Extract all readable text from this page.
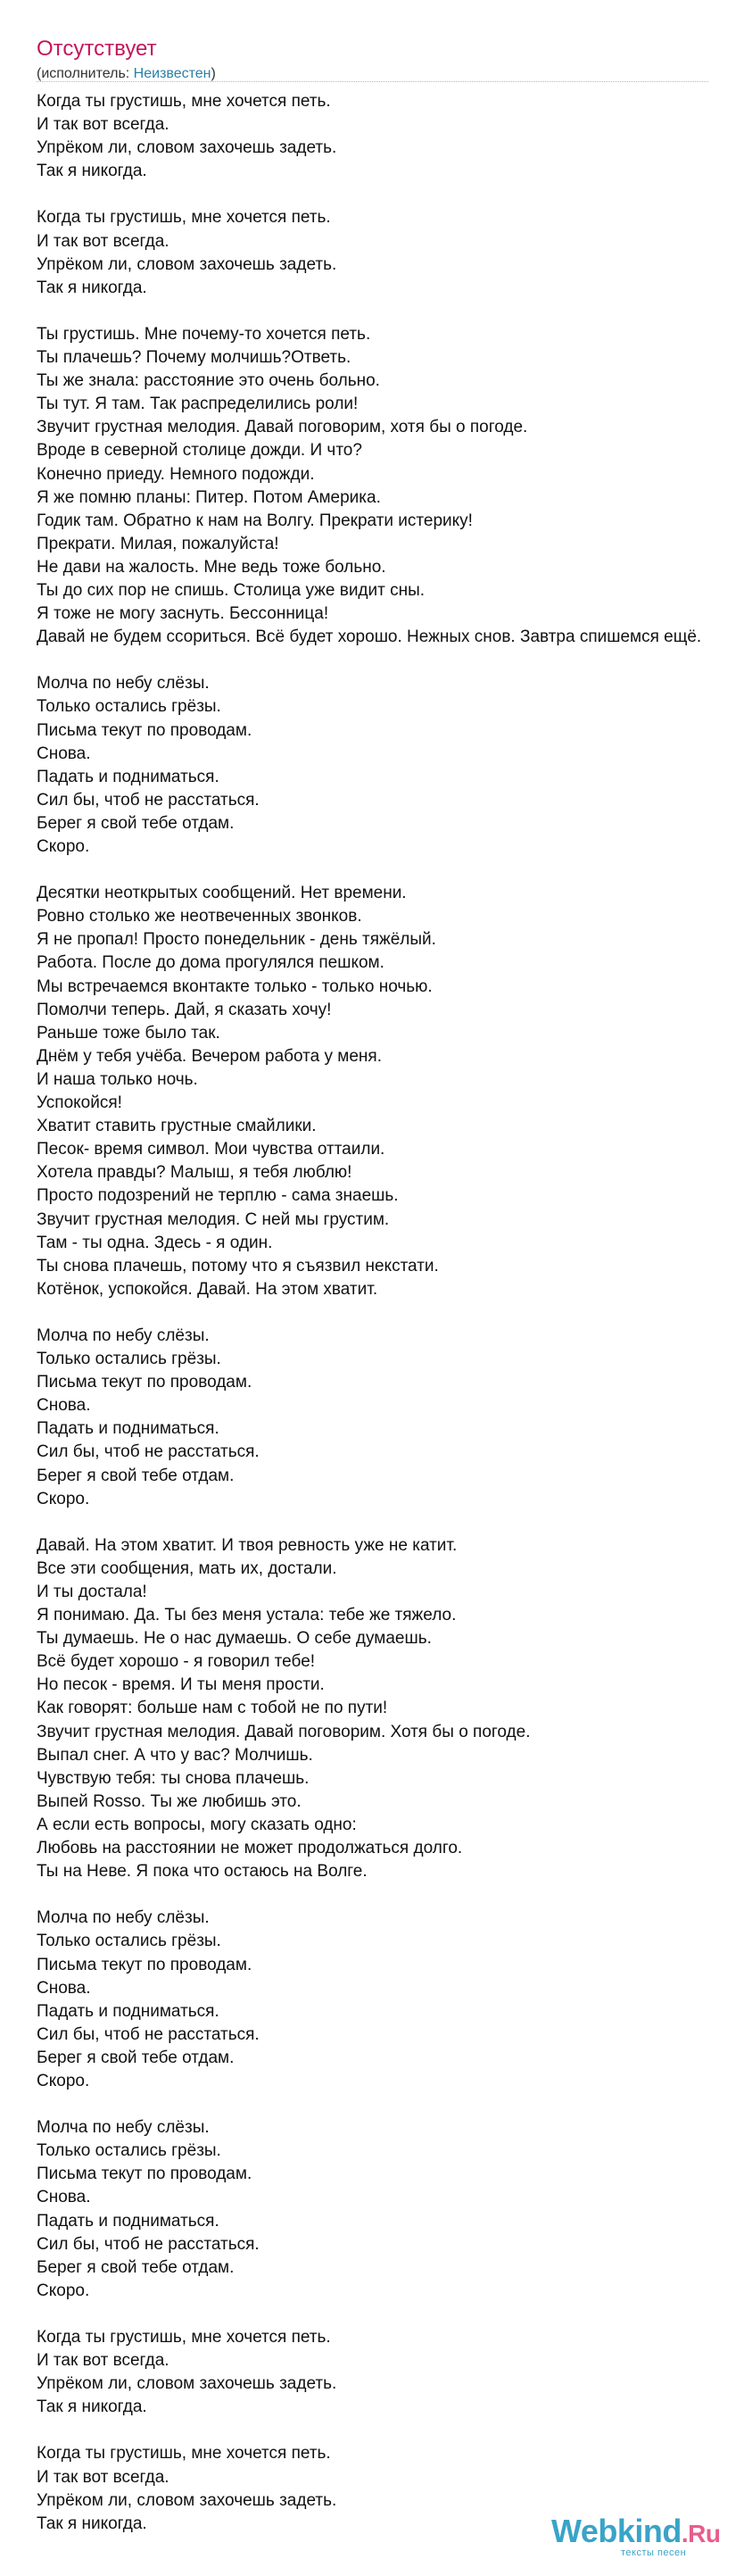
Отсутствует
(исполнитель: Неизвестен)
Когда ты грустишь, мне хочется петь.
И так вот всегда.
Упрёком ли, словом захочешь задеть.
Так я никогда.
Когда ты грустишь, мне хочется петь.
И так вот всегда.
Упрёком ли, словом захочешь задеть.
Так я никогда.
Ты грустишь. Мне почему-то хочется петь.
Ты плачешь? Почему молчишь?Ответь.
Ты же знала: расстояние это очень больно.
Ты тут. Я там. Так распределились роли!
Звучит грустная мелодия. Давай поговорим, хотя бы о погоде.
Вроде в северной столице дожди. И что?
Конечно приеду. Немного подожди.
Я же помню планы: Питер. Потом Америка.
Годик там. Обратно к нам на Волгу. Прекрати истерику!
Прекрати. Милая, пожалуйста!
Не дави на жалость. Мне ведь тоже больно.
Ты до сих пор не спишь. Столица уже видит сны.
Я тоже не могу заснуть. Бессонница!
Давай не будем ссориться. Всё будет хорошо. Нежных снов. Завтра спишемся ещё.
Молча по небу слёзы.
Только остались грёзы.
Письма текут по проводам.
Снова.
Падать и подниматься.
Сил бы, чтоб не расстаться.
Берег я свой тебе отдам.
Скоро.
Десятки неоткрытых сообщений. Нет времени.
Ровно столько же неотвеченных звонков.
Я не пропал! Просто понедельник - день тяжёлый.
Работа. После до дома прогулялся пешком.
Мы встречаемся вконтакте только - только ночью.
Помолчи теперь. Дай, я сказать хочу!
Раньше тоже было так.
Днём у тебя учёба. Вечером работа у меня.
И наша только ночь.
Успокойся!
Хватит ставить грустные смайлики.
Песок- время символ. Мои чувства оттаили.
Хотела правды? Малыш, я тебя люблю!
Просто подозрений не терплю - сама знаешь.
Звучит грустная мелодия. С ней мы грустим.
Там - ты одна. Здесь - я один.
Ты снова плачешь, потому что я съязвил некстати.
Котёнок, успокойся. Давай. На этом хватит.
Молча по небу слёзы.
Только остались грёзы.
Письма текут по проводам.
Снова.
Падать и подниматься.
Сил бы, чтоб не расстаться.
Берег я свой тебе отдам.
Скоро.
Давай. На этом хватит. И твоя ревность уже не катит.
Все эти сообщения, мать их, достали.
И ты достала!
Я понимаю. Да. Ты без меня устала: тебе же тяжело.
Ты думаешь. Не о нас думаешь. О себе думаешь.
Всё будет хорошо - я говорил тебе!
Но песок - время. И ты меня прости.
Как говорят: больше нам с тобой не по пути!
Звучит грустная мелодия. Давай поговорим. Хотя бы о погоде.
Выпал снег. А что у вас? Молчишь.
Чувствую тебя: ты снова плачешь.
Выпей Rosso. Ты же любишь это.
А если есть вопросы, могу сказать одно:
Любовь на расстоянии не может продолжаться долго.
Ты на Неве. Я пока что остаюсь на Волге.
Молча по небу слёзы.
Только остались грёзы.
Письма текут по проводам.
Снова.
Падать и подниматься.
Сил бы, чтоб не расстаться.
Берег я свой тебе отдам.
Скоро.
Молча по небу слёзы.
Только остались грёзы.
Письма текут по проводам.
Снова.
Падать и подниматься.
Сил бы, чтоб не расстаться.
Берег я свой тебе отдам.
Скоро.
Когда ты грустишь, мне хочется петь.
И так вот всегда.
Упрёком ли, словом захочешь задеть.
Так я никогда.
Когда ты грустишь, мне хочется петь.
И так вот всегда.
Упрёком ли, словом захочешь задеть.
Так я никогда.	Webkind.Ru
тексты песен
